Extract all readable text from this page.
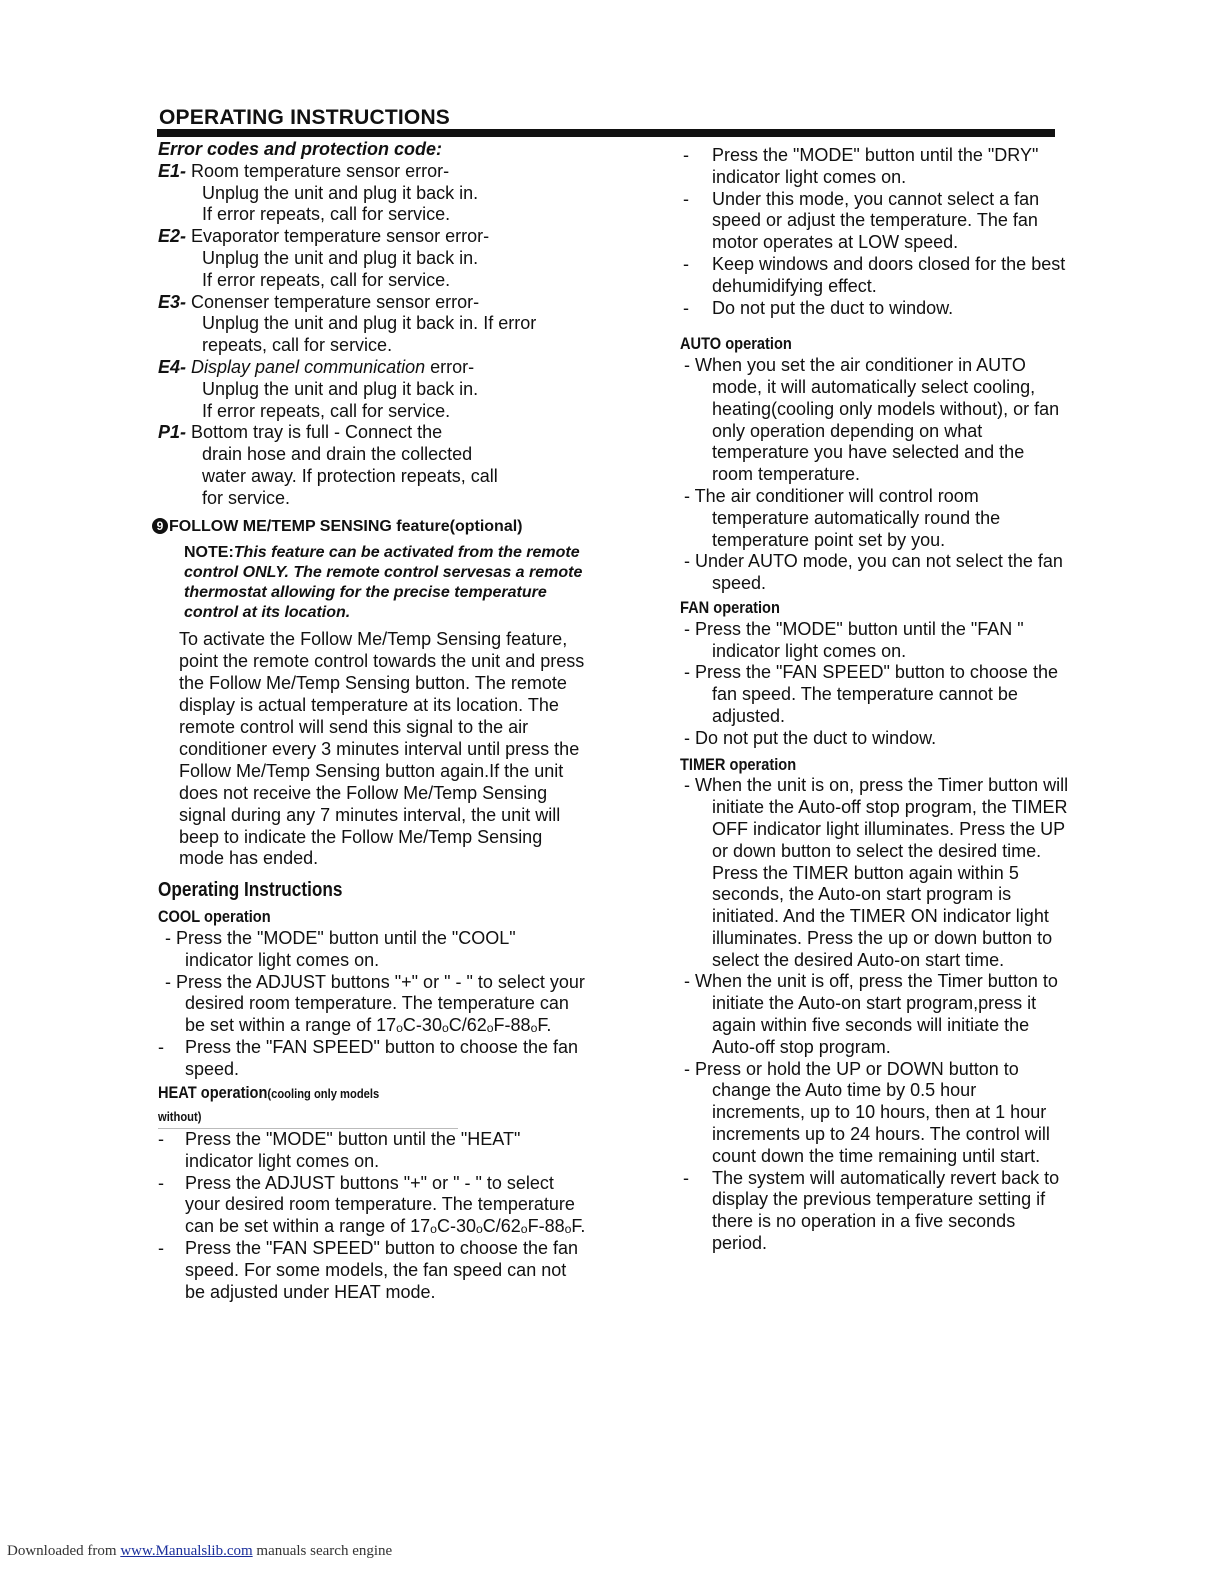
OPERATING INSTRUCTIONS
Error codes and protection code:

E1- Room temperature sensor error-

Unplug the unit and plug it back in.

If error repeats, call for service.

E2- Evaporator temperature sensor error-

Unplug the unit and plug it back in.

If error repeats, call for service.

E3- Conenser temperature sensor error-

Unplug the unit and plug it back in. If error

repeats, call for service.

E4- Display panel communication error-

Unplug the unit and plug it back in.

If error repeats, call for service.

P1- Bottom tray is full - Connect the

drain hose and drain the collected

water away. If protection repeats, call

for service.

9 FOLLOW ME/TEMP SENSING feature(optional)
NOTE:This feature can be activated from the remote control ONLY. The remote control servesas a remote thermostat allowing for the precise temperature control at its location.
To activate the Follow Me/Temp Sensing feature, point the remote control towards the unit and press the Follow Me/Temp Sensing button. The remote display is actual temperature at its location. The remote control will send this signal to the air conditioner every 3 minutes interval until press the Follow Me/Temp Sensing button again.If the unit does not receive the Follow Me/Temp Sensing signal during any 7 minutes interval, the unit will beep to indicate the Follow Me/Temp Sensing mode has ended.
Operating Instructions
COOL operation

- Press the "MODE" button until the "COOL" indicator light comes on.

- Press the ADJUST buttons "+" or " - " to select your desired room temperature. The temperature can be set within a range of 17ₒC-30ₒC/62ₒF-88ₒF.

-	Press the "FAN SPEED" button to choose the fan speed.
HEAT operation(cooling only models without)
-	Press the "MODE" button until the "HEAT" indicator light comes on.
-	Press the ADJUST buttons "+" or " - " to select your desired room temperature. The temperature can be set within a range of 17ₒC-30ₒC/62ₒF-88ₒF.
-	Press the "FAN SPEED" button to choose the fan speed. For some models, the fan speed can not be adjusted under HEAT mode.
-	Press the "MODE" button until the "DRY" indicator light comes on.
-	Under this mode, you cannot select a fan speed or adjust the temperature. The fan motor operates at LOW speed.
-	Keep windows and doors closed for the best dehumidifying effect.
-	Do not put the duct to window.
AUTO operation

- When you set the air conditioner in AUTO mode, it will automatically select cooling, heating(cooling only models without), or fan only operation depending on what temperature you have selected and the room temperature.

- The air conditioner will control room temperature automatically round the temperature point set by you.

- Under AUTO mode, you can not select the fan speed.

FAN operation

- Press the "MODE" button until the "FAN " indicator light comes on.

- Press the "FAN SPEED" button to choose the fan speed. The temperature cannot be adjusted.

- Do not put the duct to window.

TIMER operation

- When the unit is on, press the Timer button will initiate the Auto-off stop program, the TIMER OFF indicator light illuminates. Press the UP or down button to select the desired time. Press the TIMER button again within 5 seconds, the Auto-on start program is initiated. And the TIMER ON indicator light illuminates. Press the up or down button to select the desired Auto-on start time.

- When the unit is off, press the Timer button to initiate the Auto-on start program,press it again within five seconds will initiate the Auto-off stop program.

- Press or hold the UP or DOWN button to change the Auto time by 0.5 hour increments, up to 10 hours, then at 1 hour increments up to 24 hours. The control will count down the time remaining until start.

-	The system will automatically revert back to display the previous temperature setting if there is no operation in a five seconds period.
Downloaded from www.Manualslib.com manuals search engine
